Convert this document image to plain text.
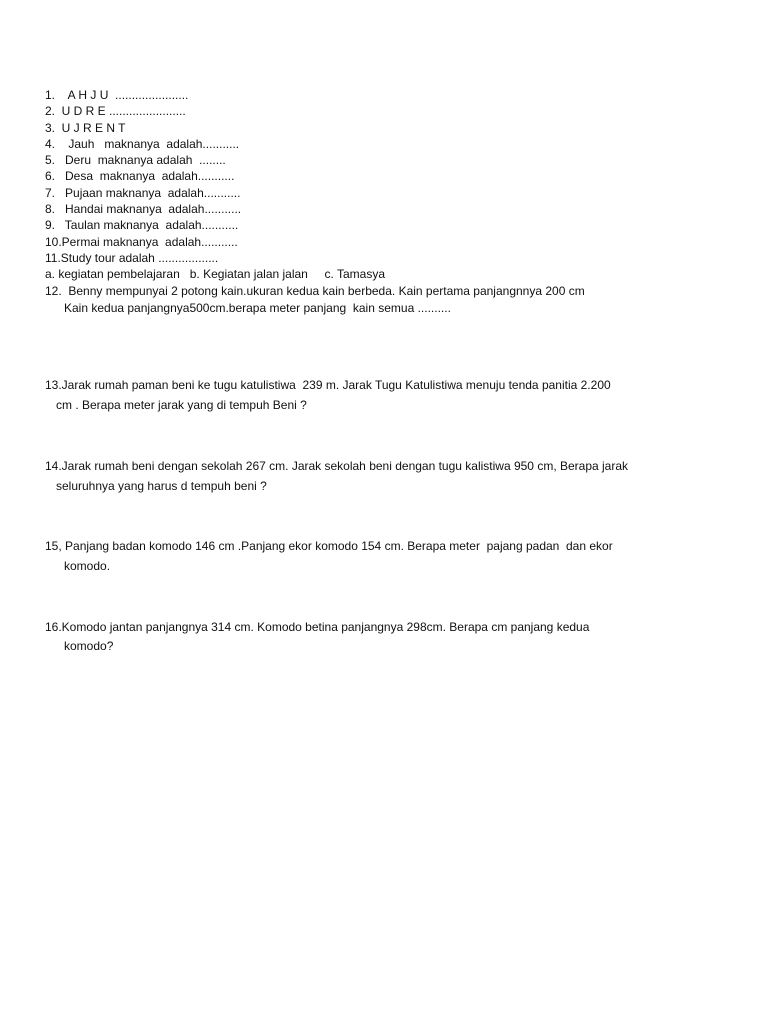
1.    A H J U  ......................
2.  U D R E .......................
3.  U J R E N T
4.    Jauh   maknanya  adalah...........
5.   Deru  maknanya adalah  ........
6.   Desa  maknanya  adalah...........
7.   Pujaan maknanya  adalah...........
8.   Handai maknanya  adalah...........
9.   Taulan maknanya  adalah...........
10.Permai maknanya  adalah...........
11.Study tour adalah ..................
a. kegiatan pembelajaran   b. Kegiatan jalan jalan     c. Tamasya
12.  Benny mempunyai 2 potong kain.ukuran kedua kain berbeda. Kain pertama panjangnnya 200 cm
Kain kedua panjangnya500cm.berapa meter panjang  kain semua ..........
13.Jarak rumah paman beni ke tugu katulistiwa  239 m. Jarak Tugu Katulistiwa menuju tenda panitia 2.200
cm . Berapa meter jarak yang di tempuh Beni ?
14.Jarak rumah beni dengan sekolah 267 cm. Jarak sekolah beni dengan tugu kalistiwa 950 cm, Berapa jarak
seluruhnya yang harus d tempuh beni ?
15, Panjang badan komodo 146 cm .Panjang ekor komodo 154 cm. Berapa meter  pajang padan  dan ekor
komodo.
16.Komodo jantan panjangnya 314 cm. Komodo betina panjangnya 298cm. Berapa cm panjang kedua
komodo?
